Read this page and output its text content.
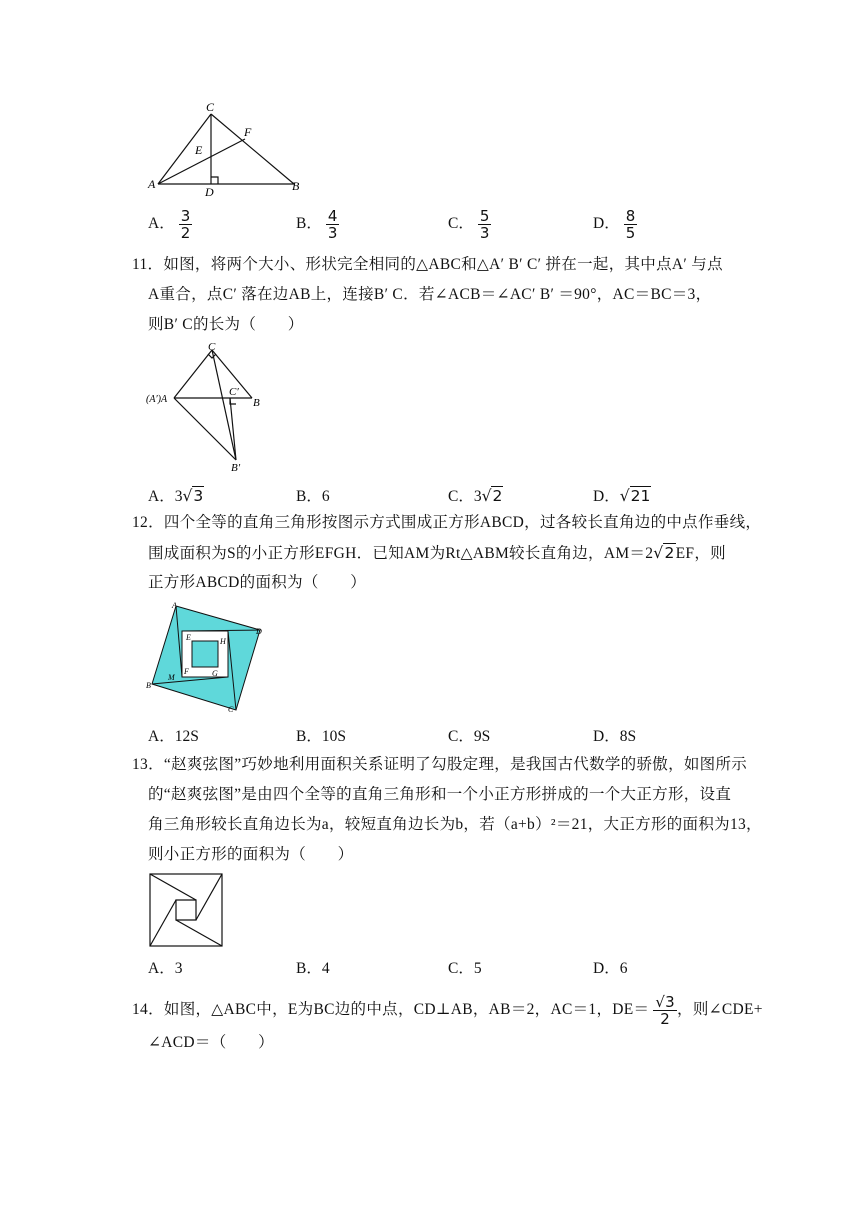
C
F
E
A
D	B
A． $\frac{3}{2}$	B． $\frac{4}{3}$	C． $\frac{5}{3}$	D． $\frac{8}{5}$
11．如图，将两个大小、形状完全相同的△ABC和△A′ B′ C′ 拼在一起，其中点A′ 与点
A重合，点C′ 落在边AB上，连接B′ C．若∠ACB＝∠AC′ B′ ＝90°，AC＝BC＝3，
则B′ C的长为（　　）
C
C′
(A′)A	B
B′
A．3√3	B．6	C．3√2	D．√21
12．四个全等的直角三角形按图示方式围成正方形ABCD，过各较长直角边的中点作垂线，
围成面积为S的小正方形EFGH．已知AM为Rt△ABM较长直角边，AM＝2√2EF，则
正方形ABCD的面积为（　　）
A
D
E	H
F	G
M
B
C
A．12S	B．10S	C．9S	D．8S
13．“赵爽弦图”巧妙地利用面积关系证明了勾股定理，是我国古代数学的骄傲，如图所示
的“赵爽弦图”是由四个全等的直角三角形和一个小正方形拼成的一个大正方形，设直
角三角形较长直角边长为a，较短直角边长为b，若（a+b）²＝21，大正方形的面积为13，
则小正方形的面积为（　　）
A．3	B．4	C．5	D．6
14．如图，△ABC中，E为BC边的中点，CD⊥AB，AB＝2，AC＝1，$DE= \frac{√3}{2}$ ，则∠CDE+
∠ACD＝（　　）
